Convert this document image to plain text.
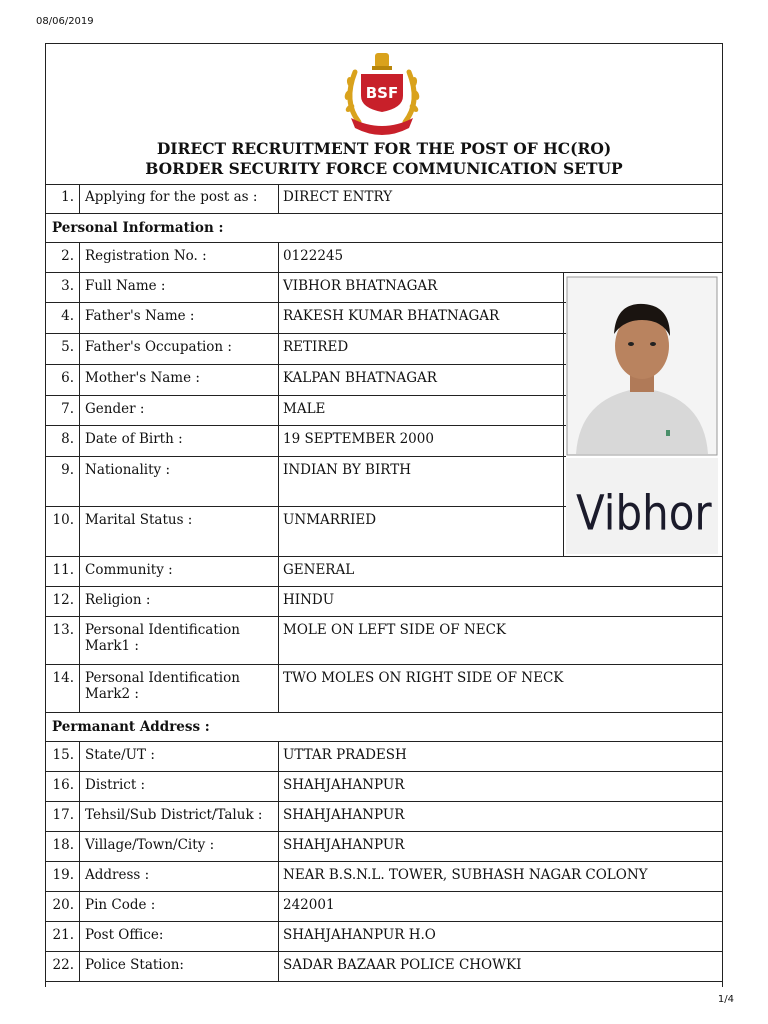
08/06/2019
BSF
DIRECT RECRUITMENT FOR THE POST OF HC(RO)
BORDER SECURITY FORCE COMMUNICATION SETUP
1. Applying for the post as :	DIRECT ENTRY
Personal Information :
Permanant Address :
Vibhor
2. Registration No. :	0122245
3. Full Name :	VIBHOR BHATNAGAR
4. Father's Name :	RAKESH KUMAR BHATNAGAR
5. Father's Occupation :	RETIRED
6. Mother's Name :	KALPAN BHATNAGAR
7. Gender :	MALE
8. Date of Birth :	19 SEPTEMBER 2000
9. Nationality :	INDIAN BY BIRTH
10. Marital Status :	UNMARRIED
11. Community :	GENERAL
12. Religion :	HINDU
13. Personal Identification Mark1 :
MOLE ON LEFT SIDE OF NECK
14. Personal Identification Mark2 :
TWO MOLES ON RIGHT SIDE OF NECK
15. State/UT :	UTTAR PRADESH
16. District :	SHAHJAHANPUR
17. Tehsil/Sub District/Taluk :	SHAHJAHANPUR
18. Village/Town/City :	SHAHJAHANPUR
19. Address :	NEAR B.S.N.L. TOWER, SUBHASH NAGAR COLONY
20. Pin Code :	242001
21. Post Office:	SHAHJAHANPUR H.O
22. Police Station:	SADAR BAZAAR POLICE CHOWKI
1/4
